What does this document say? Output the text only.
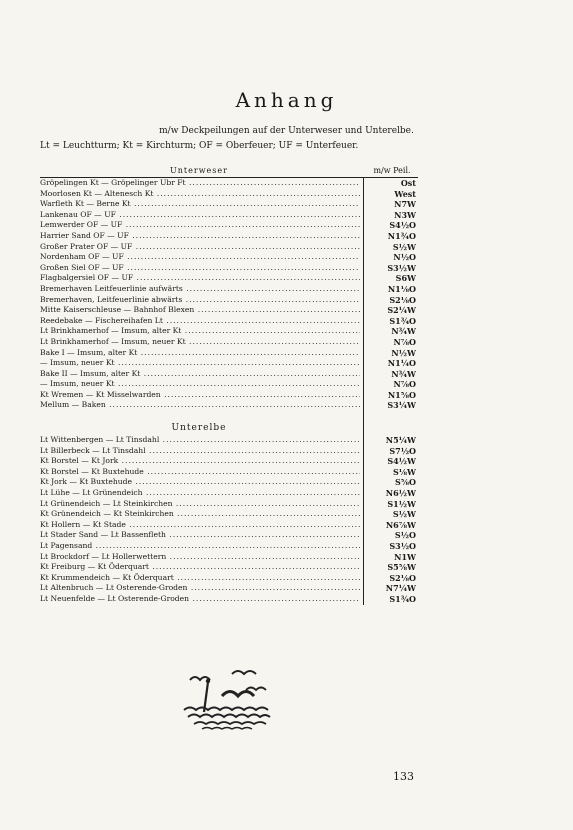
Anhang
m/w Deckpeilungen auf der Unterweser und Unterelbe.
Lt = Leuchtturm; Kt = Kirchturm; OF = Oberfeuer; UF = Unterfeuer.
Unterweser	m/w Peil.
Gröpelingen Kt — Gröpelinger Ubr Ft .....	Ost
Moorlosen Kt — Altenesch Kt .....	West
Warfleth Kt — Berne Kt .....	N7W
Lankenau OF — UF .....	N3W
Lemwerder OF — UF .....	S4½O
Harrier Sand OF — UF .....	N1¾O
Großer Prater OF — UF .....	S½W
Nordenham OF — UF .....	N½O
Großen Siel OF — UF .....	S3½W
Flagbalgersiel OF — UF .....	S6W
Bremerhaven Leitfeuerlinie aufwärts .....	N1⅛O
Bremerhaven, Leitfeuerlinie abwärts .....	S2⅛O
Mitte Kaiserschleuse — Bahnhof Blexen .....	S2¼W
Reedebake — Fischereihafen Lt .....	S1¾O
Lt Brinkhamerhof — Imsum, alter Kt .....	N¾W
Lt Brinkhamerhof — Imsum, neuer Kt .....	N⅞O
Bake I — Imsum, alter Kt .....	N½W
— Imsum, neuer Kt .....	N1¼O
Bake II — Imsum, alter Kt .....	N¾W
— Imsum, neuer Kt .....	N⅞O
Kt Wremen — Kt Misselwarden .....	N1⅝O
Mellum — Baken .....	S3¼W
Unterelbe
Lt Wittenbergen — Lt Tinsdahl .....	N5¼W
Lt Billerbeck — Lt Tinsdahl .....	S7½O
Kt Borstel — Kt Jork .....	S4½W
Kt Borstel — Kt Buxtehude .....	S⅛W
Kt Jork — Kt Buxtehude .....	S⅝O
Lt Lühe — Lt Grünendeich .....	N6½W
Lt Grünendeich — Lt Steinkirchen .....	S1½W
Kt Grünendeich — Kt Steinkirchen .....	S½W
Kt Hollern — Kt Stade .....	N6⅞W
Lt Stader Sand — Lt Bassenfleth .....	S½O
Lt Pagensand .....	S3½O
Lt Brockdorf — Lt Hollerwettern .....	N1W
Kt Freiburg — Kt Öderquart .....	S5⅝W
Kt Krummendeich — Kt Öderquart .....	S2⅛O
Lt Altenbruch — Lt Osterende-Groden .....	N7¼W
Lt Neuenfelde — Lt Osterende-Groden .....	S1¾O
133
